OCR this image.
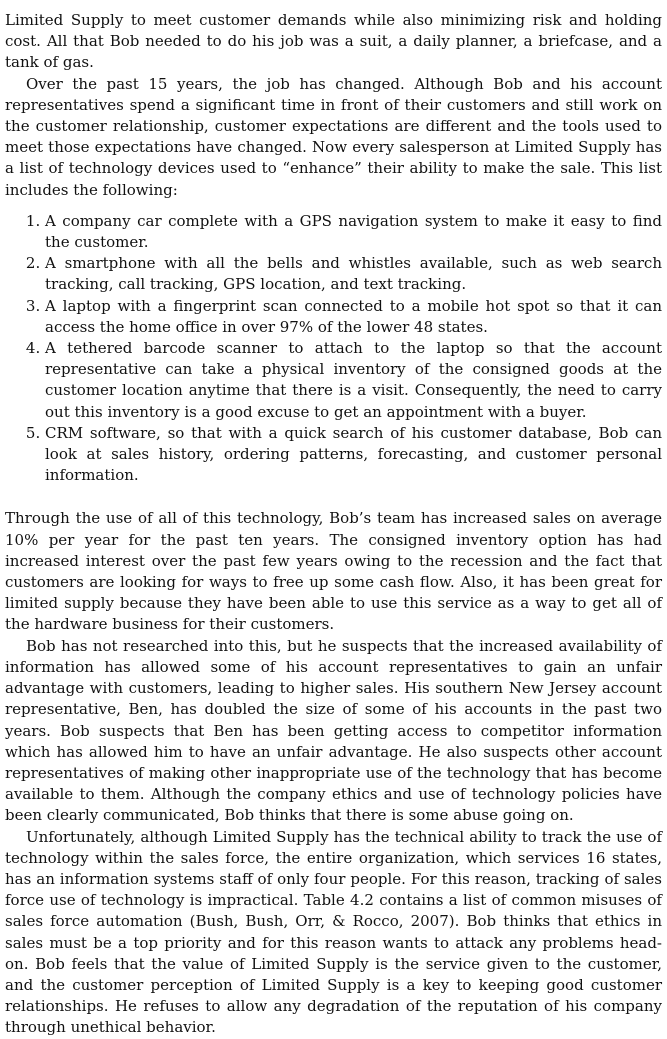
Limited Supply to meet customer demands while also minimizing risk and holding cost. All that Bob needed to do his job was a suit, a daily planner, a briefcase, and a tank of gas.

Over the past 15 years, the job has changed. Although Bob and his account representatives spend a significant time in front of their customers and still work on the customer relationship, customer expectations are different and the tools used to meet those expectations have changed. Now every salesperson at Limited Supply has a list of technology devices used to “enhance” their ability to make the sale. This list includes the following:

1. A company car complete with a GPS navigation system to make it easy to find the customer.
2. A smartphone with all the bells and whistles available, such as web search tracking, call tracking, GPS location, and text tracking.
3. A laptop with a fingerprint scan connected to a mobile hot spot so that it can access the home office in over 97% of the lower 48 states.
4. A tethered barcode scanner to attach to the laptop so that the account representative can take a physical inventory of the consigned goods at the customer location anytime that there is a visit. Consequently, the need to carry out this inventory is a good excuse to get an appointment with a buyer.
5. CRM software, so that with a quick search of his customer database, Bob can look at sales history, ordering patterns, forecasting, and customer personal information.

Through the use of all of this technology, Bob’s team has increased sales on average 10% per year for the past ten years. The consigned inventory option has had increased interest over the past few years owing to the recession and the fact that customers are looking for ways to free up some cash flow. Also, it has been great for limited supply because they have been able to use this service as a way to get all of the hardware business for their customers.

Bob has not researched into this, but he suspects that the increased availability of information has allowed some of his account representatives to gain an unfair advantage with customers, leading to higher sales. His southern New Jersey account representative, Ben, has doubled the size of some of his accounts in the past two years. Bob suspects that Ben has been getting access to competitor information which has allowed him to have an unfair advantage. He also suspects other account representatives of making other inappropriate use of the technology that has become available to them. Although the company ethics and use of technology policies have been clearly communicated, Bob thinks that there is some abuse going on.

Unfortunately, although Limited Supply has the technical ability to track the use of technology within the sales force, the entire organization, which services 16 states, has an information systems staff of only four people. For this reason, tracking of sales force use of technology is impractical. Table 4.2 contains a list of common misuses of sales force automation (Bush, Bush, Orr, & Rocco, 2007). Bob thinks that ethics in sales must be a top priority and for this reason wants to attack any problems head-on. Bob feels that the value of Limited Supply is the service given to the customer, and the customer perception of Limited Supply is a key to keeping good customer relationships. He refuses to allow any degradation of the reputation of his company through unethical behavior.
